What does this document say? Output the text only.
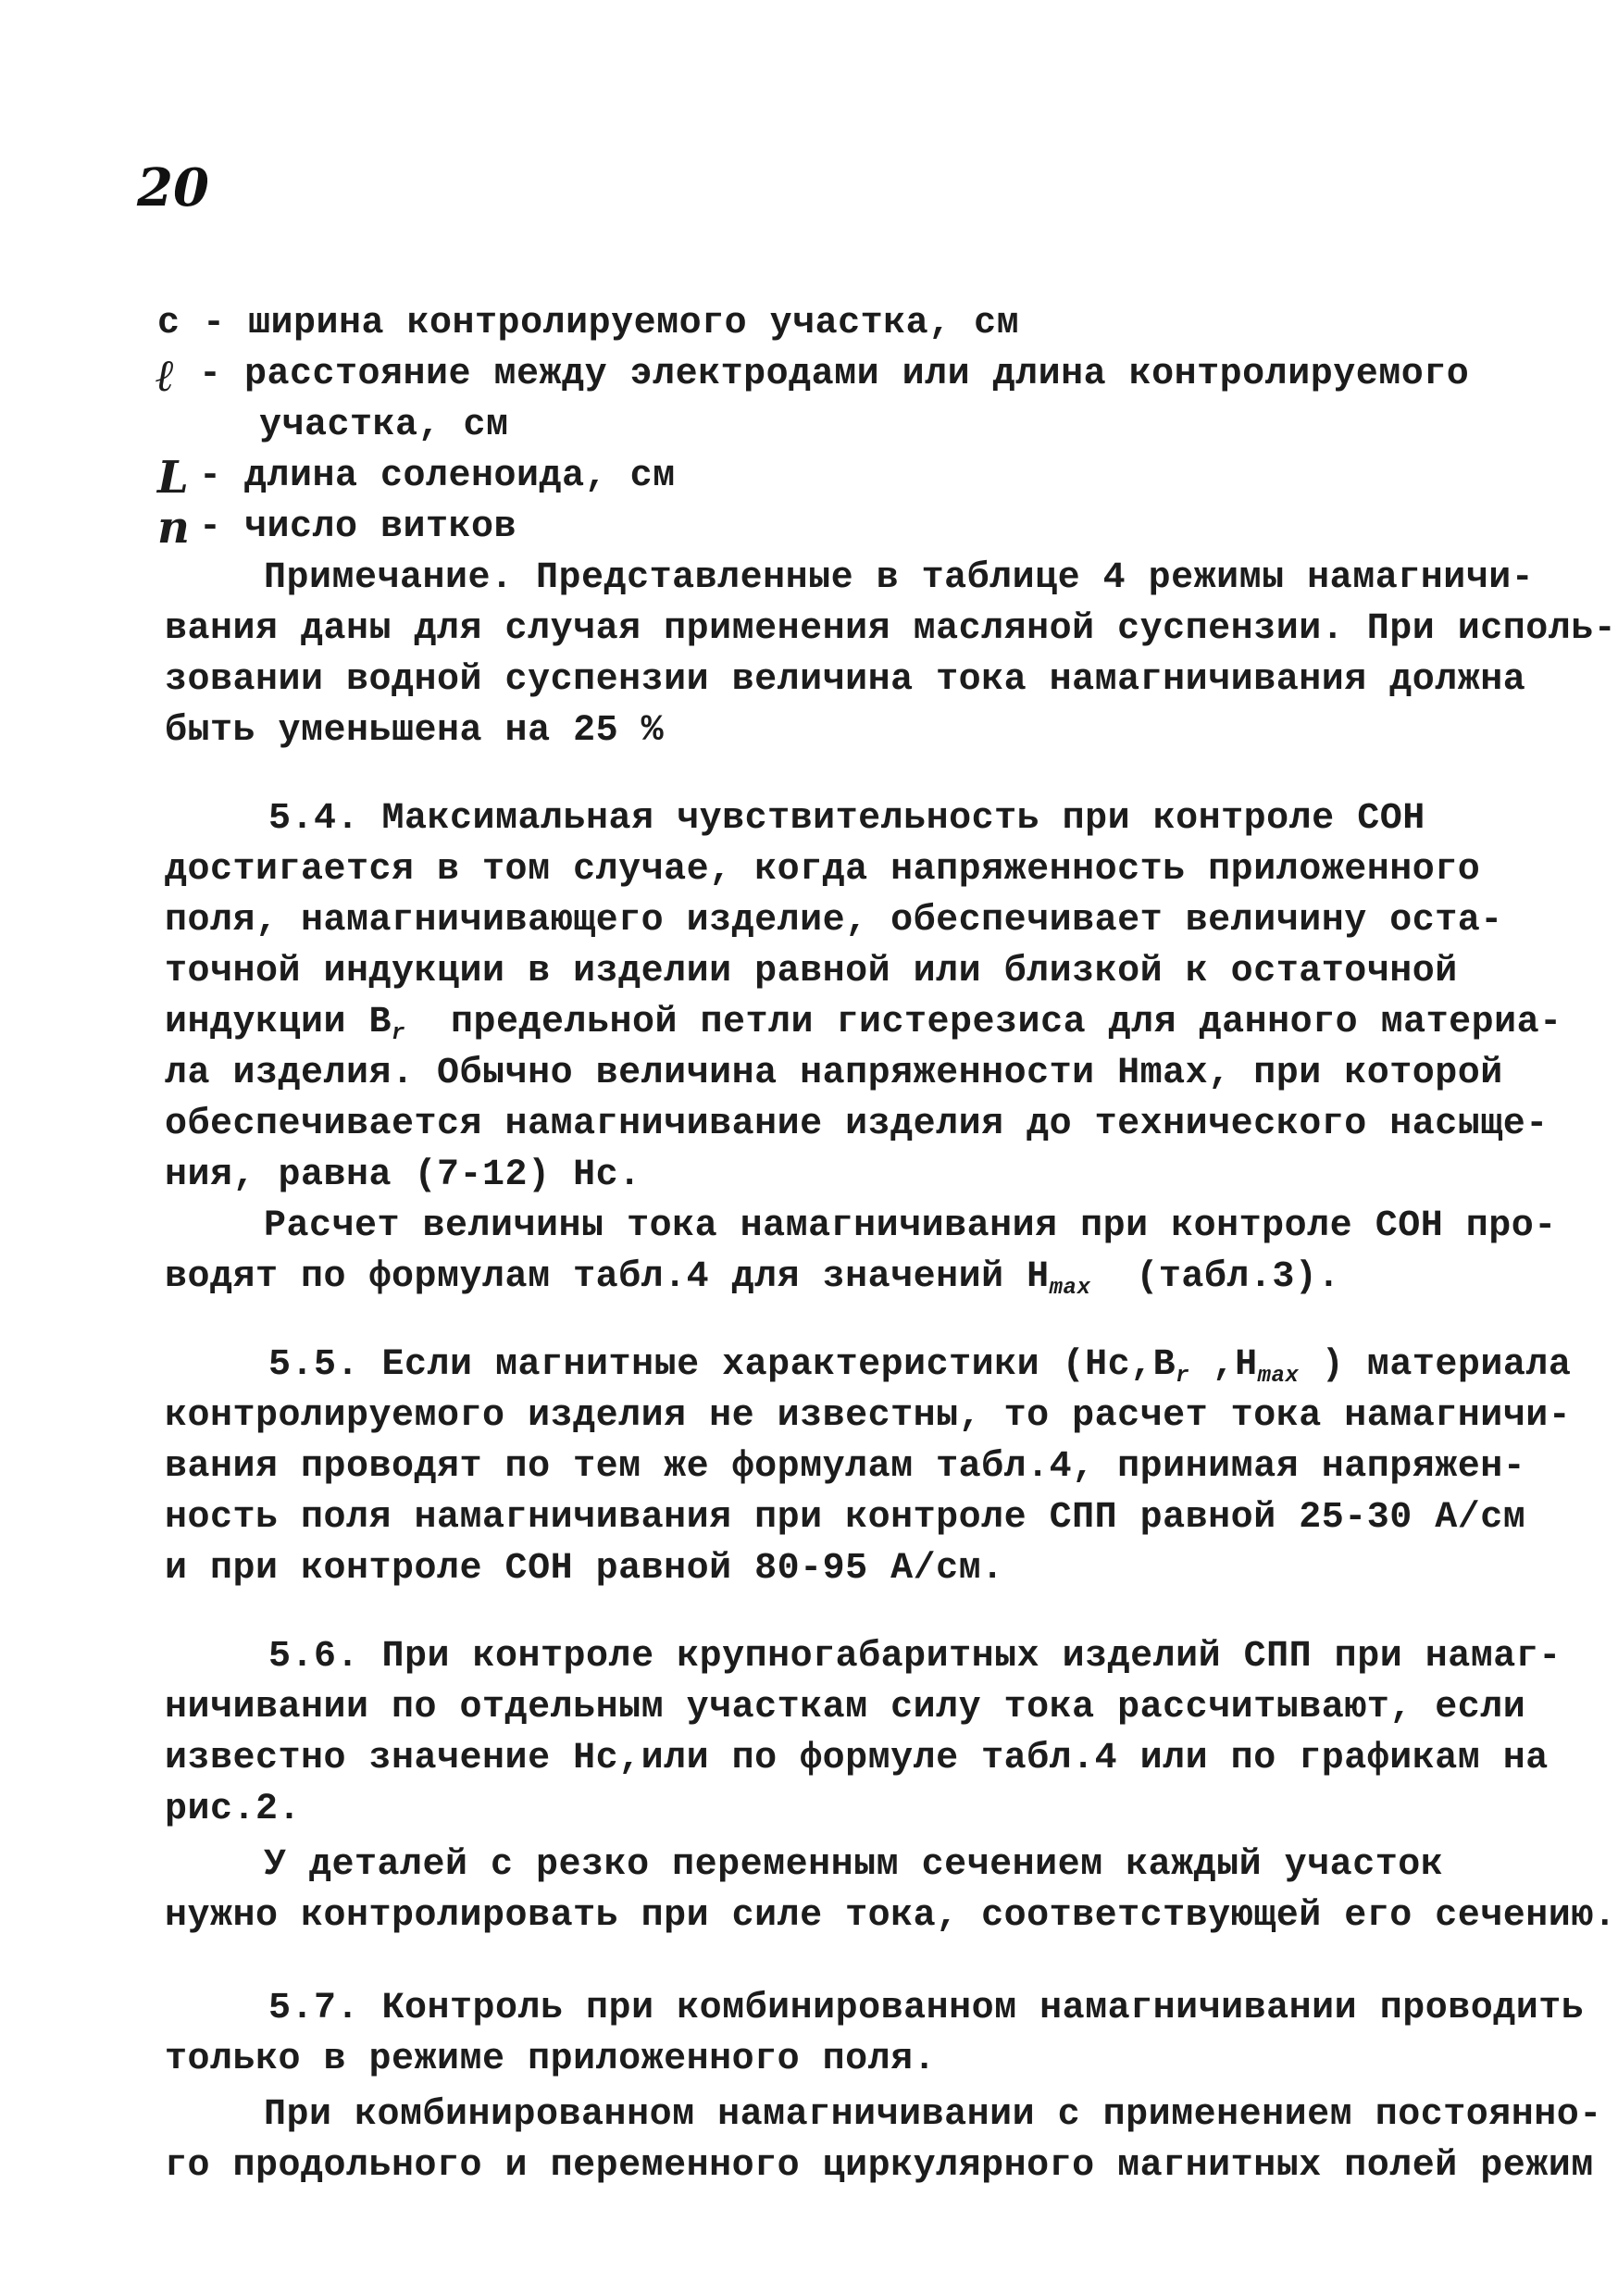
20
с - ширина контролируемого участка, см
ℓ - расстояние между электродами или длина контролируемого
участка, см
L - длина соленоида, см
n - число витков
Примечание. Представленные в таблице 4 режимы намагничи-
вания даны для случая применения масляной суспензии. При исполь-
зовании водной суспензии величина тока намагничивания должна
быть уменьшена на 25 %
5.4. Максимальная чувствительность при контроле СОН
достигается в том случае, когда напряженность приложенного
поля, намагничивающего изделие, обеспечивает величину оста-
точной индукции в изделии равной или близкой к остаточной
индукции $В_r$  предельной петли гистерезиса для данного материа-
ла изделия. Обычно величина напряженности Нmax, при которой
обеспечивается намагничивание изделия до технического насыще-
ния, равна (7-12) Нс.
Расчет величины тока намагничивания при контроле СОН про-
водят по формулам табл.4 для значений $Н_{max}$  (табл.3).
5.5. Если магнитные характеристики ($Нс,В_r$ $,Н_{max}$ ) материала
контролируемого изделия не известны, то расчет тока намагничи-
вания проводят по тем же формулам табл.4, принимая напряжен-
ность поля намагничивания при контроле СПП равной 25-30 А/см
и при контроле СОН равной 80-95 А/см.
5.6. При контроле крупногабаритных изделий СПП при намаг-
ничивании по отдельным участкам силу тока рассчитывают, если
известно значение Нс,или по формуле табл.4 или по графикам на
рис.2.
У деталей с резко переменным сечением каждый участок
нужно контролировать при силе тока, соответствующей его сечению.
5.7. Контроль при комбинированном намагничивании проводить
только в режиме приложенного поля.
При комбинированном намагничивании с применением постоянно-
го продольного и переменного циркулярного магнитных полей режим
